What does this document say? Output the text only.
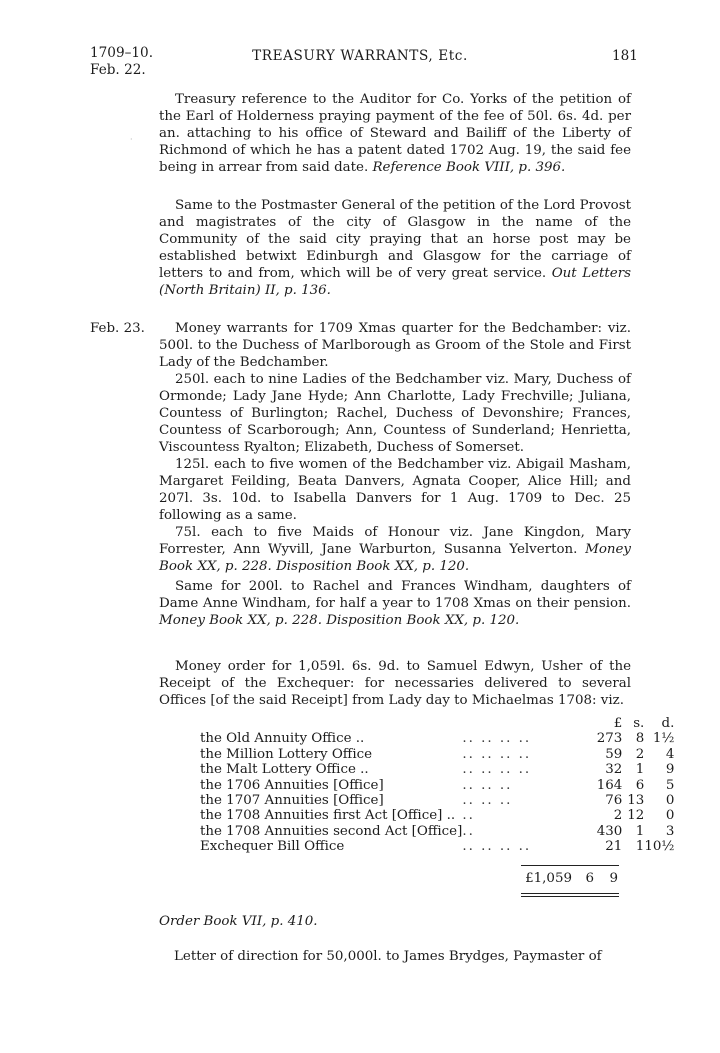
1709–10.
Feb. 22.
TREASURY WARRANTS, Etc.	181

Treasury reference to the Auditor for Co. Yorks of the petition of the Earl of Holderness praying payment of the fee of 50l. 6s. 4d. per an. attaching to his office of Steward and Bailiff of the Liberty of Richmond of which he has a patent dated 1702 Aug. 19, the said fee being in arrear from said date. Reference Book VIII, p. 396.

·

Same to the Postmaster General of the petition of the Lord Provost and magistrates of the city of Glasgow in the name of the Community of the said city praying that an horse post may be established betwixt Edinburgh and Glasgow for the carriage of letters to and from, which will be of very great service. Out Letters (North Britain) II, p. 136.

Feb. 23.	Money warrants for 1709 Xmas quarter for the Bedchamber: viz. 500l. to the Duchess of Marlborough as Groom of the Stole and First Lady of the Bedchamber.

250l. each to nine Ladies of the Bedchamber viz. Mary, Duchess of Ormonde; Lady Jane Hyde; Ann Charlotte, Lady Frechville; Juliana, Countess of Burlington; Rachel, Duchess of Devonshire; Frances, Countess of Scarborough; Ann, Countess of Sunderland; Henrietta, Viscountess Ryalton; Elizabeth, Duchess of Somerset.

125l. each to five women of the Bedchamber viz. Abigail Masham, Margaret Feilding, Beata Danvers, Agnata Cooper, Alice Hill; and 207l. 3s. 10d. to Isabella Danvers for 1 Aug. 1709 to Dec. 25 following as a same.

75l. each to five Maids of Honour viz. Jane Kingdon, Mary Forrester, Ann Wyvill, Jane Warburton, Susanna Yelverton. Money Book XX, p. 228. Disposition Book XX, p. 120.

Same for 200l. to Rachel and Frances Windham, daughters of Dame Anne Windham, for half a year to 1708 Xmas on their pension. Money Book XX, p. 228. Disposition Book XX, p. 120.

Money order for 1,059l. 6s. 9d. to Samuel Edwyn, Usher of the Receipt of the Exchequer: for necessaries delivered to several Offices [of the said Receipt] from Lady day to Michaelmas 1708: viz.

		£	s.	d.
the Old Annuity Office ..	.. .. .. ..	273	8	1½
the Million Lottery Office	.. .. .. ..	59	2	4
the Malt Lottery Office ..	.. .. .. ..	32	1	9
the 1706 Annuities [Office]	.. .. ..	164	6	5
the 1707 Annuities [Office]	.. .. ..	76	13	0
the 1708 Annuities first Act [Office] ..	..	2	12	0
the 1708 Annuities second Act [Office]	..	430	1	3
Exchequer Bill Office	.. .. .. ..	21	1	10½
£1,059	6	9
Order Book VII, p. 410.
Letter of direction for 50,000l. to James Brydges, Paymaster of
